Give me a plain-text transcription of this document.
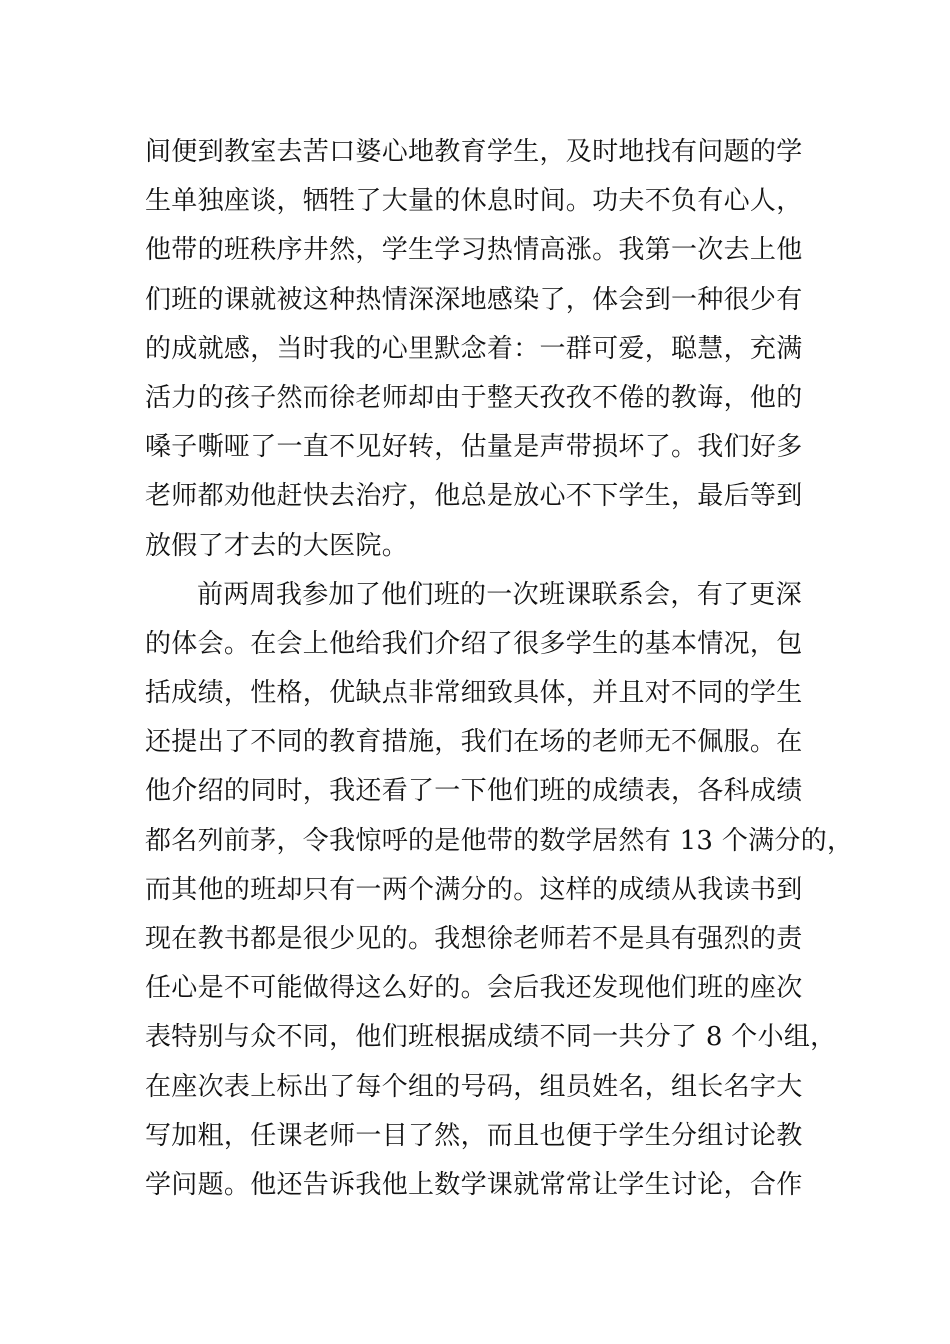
间便到教室去苦口婆心地教育学生，及时地找有问题的学
生单独座谈，牺牲了大量的休息时间。功夫不负有心人，
他带的班秩序井然，学生学习热情高涨。我第一次去上他
们班的课就被这种热情深深地感染了，体会到一种很少有
的成就感，当时我的心里默念着：一群可爱，聪慧，充满
活力的孩子然而徐老师却由于整天孜孜不倦的教诲，他的
嗓子嘶哑了一直不见好转，估量是声带损坏了。我们好多
老师都劝他赶快去治疗，他总是放心不下学生，最后等到
放假了才去的大医院。
前两周我参加了他们班的一次班课联系会，有了更深
的体会。在会上他给我们介绍了很多学生的基本情况，包
括成绩，性格，优缺点非常细致具体，并且对不同的学生
还提出了不同的教育措施，我们在场的老师无不佩服。在
他介绍的同时，我还看了一下他们班的成绩表，各科成绩
都名列前茅，令我惊呼的是他带的数学居然有 13 个满分的，
而其他的班却只有一两个满分的。这样的成绩从我读书到
现在教书都是很少见的。我想徐老师若不是具有强烈的责
任心是不可能做得这么好的。会后我还发现他们班的座次
表特别与众不同，他们班根据成绩不同一共分了 8 个小组，
在座次表上标出了每个组的号码，组员姓名，组长名字大
写加粗，任课老师一目了然，而且也便于学生分组讨论教
学问题。他还告诉我他上数学课就常常让学生讨论，合作
